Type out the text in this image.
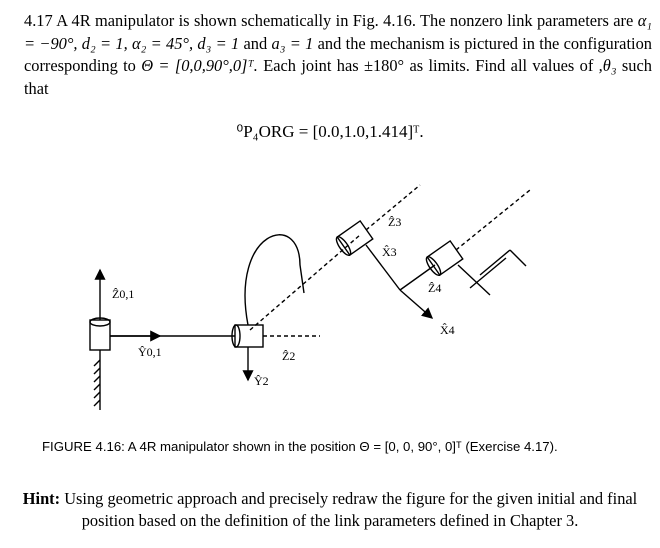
4.17 A 4R manipulator is shown schematically in Fig. 4.16. The nonzero link parameters are α₁ = −90°, d₂ = 1, α₂ = 45°, d₃ = 1 and a₃ = 1 and the mechanism is pictured in the configuration corresponding to Θ = [0,0,90°,0]ᵀ. Each joint has ±180° as limits. Find all values of ,θ₃ such that

⁰P₄ORG = [0.0,1.0,1.414]ᵀ.
Ẑ0,1
Ŷ0,1	Ẑ2
Ŷ2
Ẑ3
X̂3
Ẑ4
X̂4
FIGURE 4.16: A 4R manipulator shown in the position Θ = [0, 0, 90°, 0]ᵀ (Exercise 4.17).
Hint: Using geometric approach and precisely redraw the figure for the given initial and final position based on the definition of the link parameters defined in Chapter 3.
